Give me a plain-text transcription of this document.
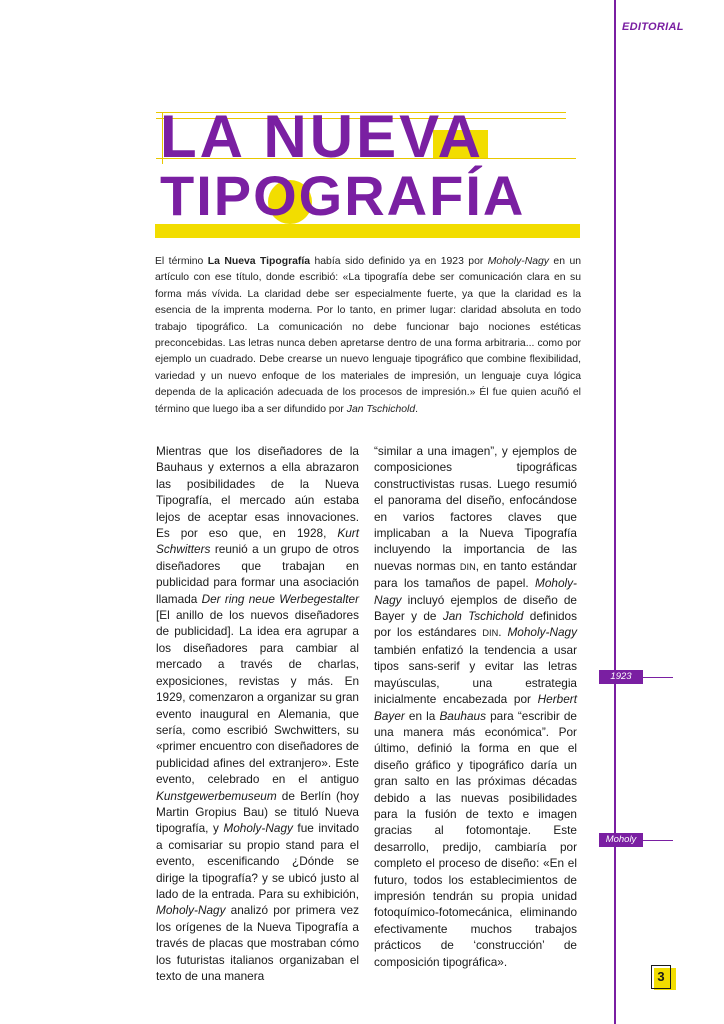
EDITORIAL
LA NUEVA
TIPOGRAFÍA
El término La Nueva Tipografía había sido definido ya en 1923 por Moholy-Nagy en un artículo con ese título, donde escribió: «La tipografía debe ser comunicación clara en su forma más vívida. La claridad debe ser especialmente fuerte, ya que la claridad es la esencia de la imprenta moderna. Por lo tanto, en primer lugar: claridad absoluta en todo trabajo tipográfico. La comunicación no debe funcionar bajo nociones estéticas preconcebidas. Las letras nunca deben apretarse dentro de una forma arbitraria... como por ejemplo un cuadrado. Debe crearse un nuevo lenguaje tipográfico que combine flexibilidad, variedad y un nuevo enfoque de los materiales de impresión, un lenguaje cuya lógica dependa de la aplicación adecuada de los procesos de impresión.» Él fue quien acuñó el término que luego iba a ser difundido por Jan Tschichold.
Mientras que los diseñadores de la Bauhaus y externos a ella abrazaron las posibilidades de la Nueva Tipografía, el mercado aún estaba lejos de aceptar esas innovaciones. Es por eso que, en 1928, Kurt Schwitters reunió a un grupo de otros diseñadores que trabajan en publicidad para formar una asociación llamada Der ring neue Werbegestalter [El anillo de los nuevos diseñadores de publicidad]. La idea era agrupar a los diseñadores para cambiar al mercado a través de charlas, exposiciones, revistas y más. En 1929, comenzaron a organizar su gran evento inaugural en Alemania, que sería, como escribió Swchwitters, su «primer encuentro con diseñadores de publicidad afines del extranjero». Este evento, celebrado en el antiguo Kunstgewerbemuseum de Berlín (hoy Martin Gropius Bau) se tituló Nueva tipografía, y Moholy-Nagy fue invitado a comisariar su propio stand para el evento, escenificando ¿Dónde se dirige la tipografía? y se ubicó justo al lado de la entrada. Para su exhibición, Moholy-Nagy analizó por primera vez los orígenes de la Nueva Tipografía a través de placas que mostraban cómo los futuristas italianos organizaban el texto de una manera
“similar a una imagen”, y ejemplos de composiciones tipográficas constructivistas rusas. Luego resumió el panorama del diseño, enfocándose en varios factores claves que implicaban a la Nueva Tipografía incluyendo la importancia de las nuevas normas DIN, en tanto estándar para los tamaños de papel. Moholy-Nagy incluyó ejemplos de diseño de Bayer y de Jan Tschichold definidos por los estándares DIN. Moholy-Nagy también enfatizó la tendencia a usar tipos sans-serif y evitar las letras mayúsculas, una estrategia inicialmente encabezada por Herbert Bayer en la Bauhaus para “escribir de una manera más económica”. Por último, definió la forma en que el diseño gráfico y tipográfico daría un gran salto en las próximas décadas debido a las nuevas posibilidades para la fusión de texto e imagen gracias al fotomontaje. Este desarrollo, predijo, cambiaría por completo el proceso de diseño: «En el futuro, todos los establecimientos de impresión tendrán su propia unidad fotoquímico-fotomecánica, eliminando efectivamente muchos trabajos prácticos de ‘construcción’ de composición tipográfica».
1923
Moholy
3
